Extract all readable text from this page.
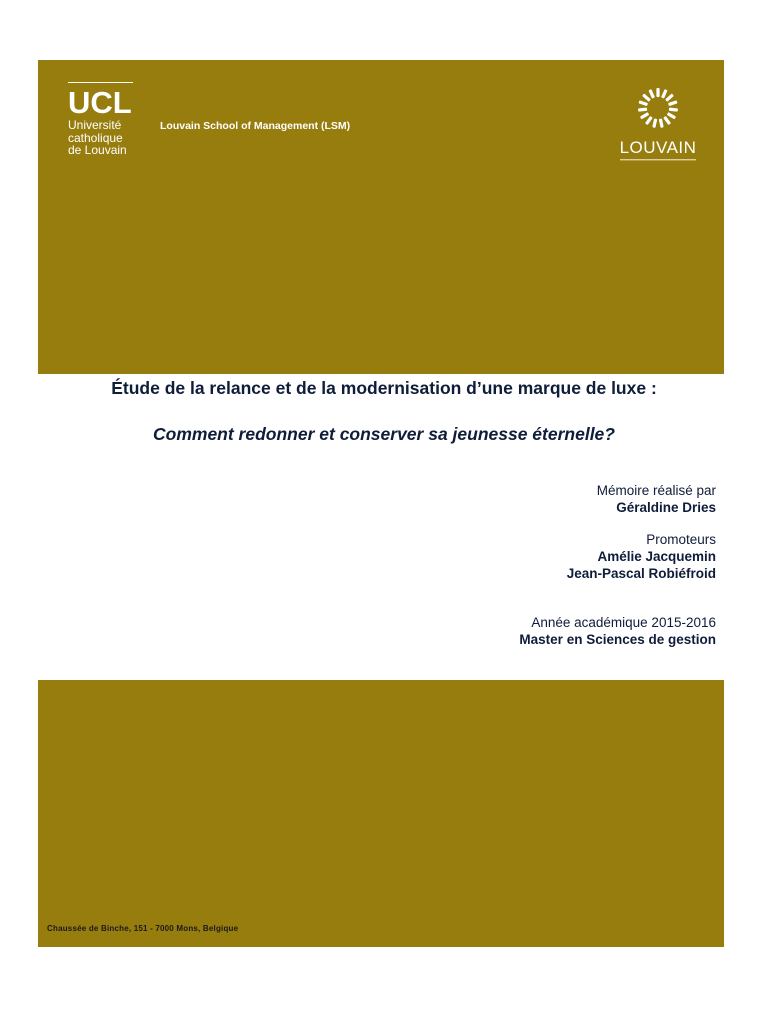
UCL
Université
catholique
de Louvain
Louvain School of Management (LSM)
LOUVAIN
Étude de la relance et de la modernisation d’une marque de luxe :
Comment redonner et conserver sa jeunesse éternelle?
Mémoire réalisé par
Géraldine Dries
Promoteurs
Amélie Jacquemin
Jean-Pascal Robiéfroid
Année académique 2015-2016
Master en Sciences de gestion
Chaussée de Binche, 151 - 7000 Mons, Belgique
